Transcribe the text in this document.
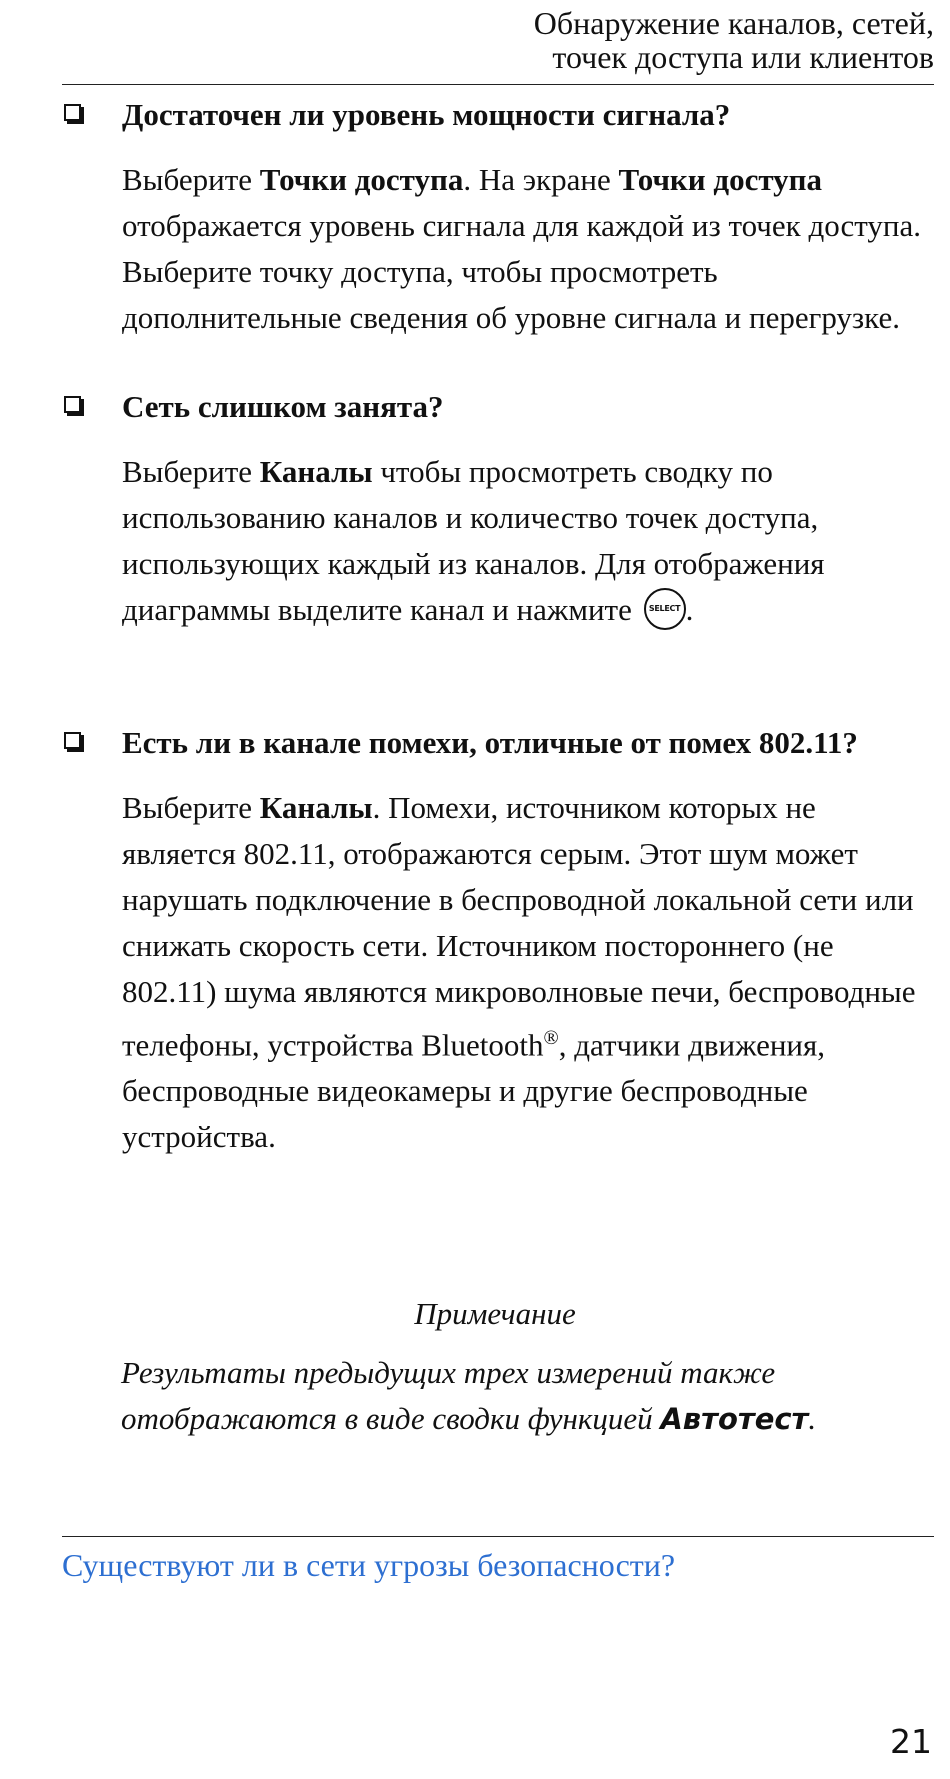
Обнаружение каналов, сетей,
точек доступа или клиентов
Достаточен ли уровень мощности сигнала?
Выберите Точки доступа. На экране Точки доступа отображается уровень сигнала для каждой из точек доступа. Выберите точку доступа, чтобы просмотреть дополнительные сведения об уровне сигнала и перегрузке.
Сеть слишком занята?
Выберите Каналы чтобы просмотреть сводку по использованию каналов и количество точек доступа, использующих каждый из каналов. Для отображения диаграммы выделите канал и нажмите SELECT .
Есть ли в канале помехи, отличные от помех 802.11?
Выберите Каналы. Помехи, источником которых не является 802.11, отображаются серым. Этот шум может нарушать подключение в беспроводной локальной сети или снижать скорость сети. Источником постороннего (не 802.11) шума являются микроволновые печи, беспроводные телефоны, устройства Bluetooth®, датчики движения, беспроводные видеокамеры и другие беспроводные устройства.
Примечание
Результаты предыдущих трех измерений также отображаются в виде сводки функцией Автотест.
Существуют ли в сети угрозы безопасности?
21
